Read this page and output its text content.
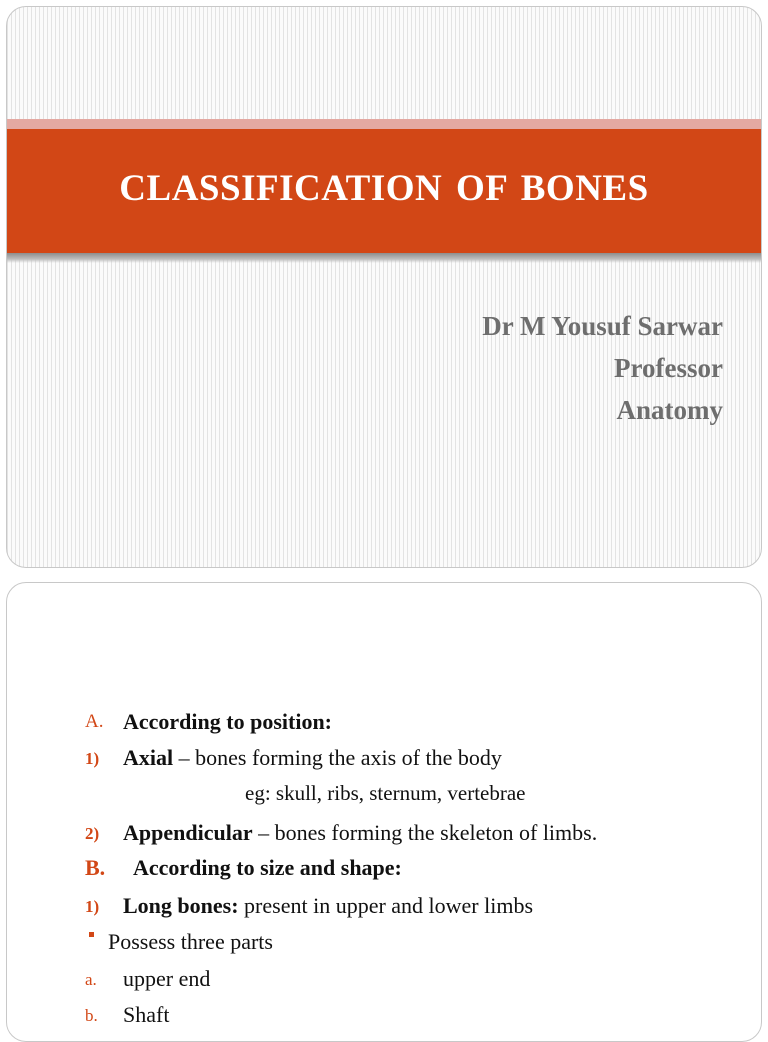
CLASSIFICATION OF BONES
Dr M Yousuf Sarwar
Professor
Anatomy
A. According to position:
1) Axial – bones forming the axis of the body
eg: skull, ribs, sternum, vertebrae
2) Appendicular – bones forming the skeleton of limbs.
B. According to size and shape:
1) Long bones: present in upper and lower limbs
Possess three parts
a. upper end
b. Shaft
